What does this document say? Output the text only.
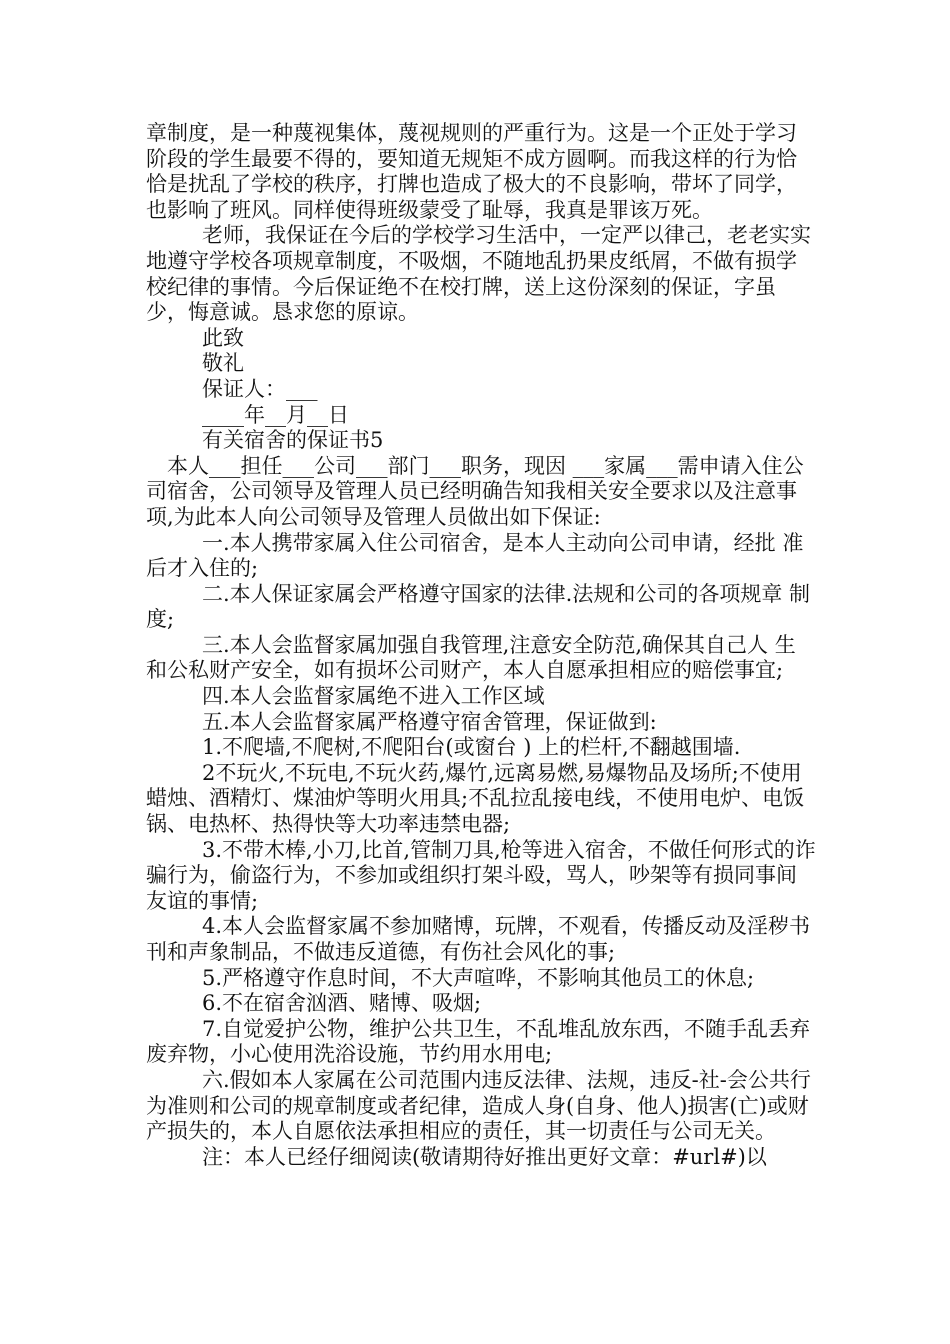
章制度，是一种蔑视集体，蔑视规则的严重行为。这是一个正处于学习阶段的学生最要不得的，要知道无规矩不成方圆啊。而我这样的行为恰恰是扰乱了学校的秩序，打牌也造成了极大的不良影响，带坏了同学，也影响了班风。同样使得班级蒙受了耻辱，我真是罪该万死。

老师，我保证在今后的学校学习生活中，一定严以律己，老老实实地遵守学校各项规章制度，不吸烟，不随地乱扔果皮纸屑，不做有损学校纪律的事情。今后保证绝不在校打牌，送上这份深刻的保证，字虽少，悔意诚。恳求您的原谅。

此致

敬礼

保证人：___

____年__月__日

有关宿舍的保证书5

　本人___担任___公司___部门___职务，现因 ___家属___需申请入住公司宿舍，公司领导及管理人员已经明确告知我相关安全要求以及注意事项,为此本人向公司领导及管理人员做出如下保证:

一.本人携带家属入住公司宿舍，是本人主动向公司申请，经批 准后才入住的;

二.本人保证家属会严格遵守国家的法律.法规和公司的各项规章 制度;

三.本人会监督家属加强自我管理,注意安全防范,确保其自己人 生和公私财产安全，如有损坏公司财产，本人自愿承担相应的赔偿事宜;

四.本人会监督家属绝不进入工作区域

五.本人会监督家属严格遵守宿舍管理，保证做到:

1.不爬墙,不爬树,不爬阳台(或窗台 ) 上的栏杆,不翻越围墙.

2不玩火,不玩电,不玩火药,爆竹,远离易燃,易爆物品及场所;不使用蜡烛、酒精灯、煤油炉等明火用具;不乱拉乱接电线，不使用电炉、电饭锅、电热杯、热得快等大功率违禁电器;

3.不带木棒,小刀,比首,管制刀具,枪等进入宿舍，不做任何形式的诈骗行为，偷盗行为，不参加或组织打架斗殴，骂人，吵架等有损同事间友谊的事情;

4.本人会监督家属不参加赌博，玩牌，不观看，传播反动及淫秽书刊和声象制品，不做违反道德，有伤社会风化的事;

5.严格遵守作息时间，不大声喧哗，不影响其他员工的休息;

6.不在宿舍汹酒、赌博、吸烟;

7.自觉爱护公物，维护公共卫生，不乱堆乱放东西，不随手乱丢弃废弃物，小心使用洗浴设施，节约用水用电;

六.假如本人家属在公司范围内违反法律、法规，违反-社-会公共行为准则和公司的规章制度或者纪律，造成人身(自身、他人)损害(亡)或财产损失的，本人自愿依法承担相应的责任，其一切责任与公司无关。

注：本人已经仔细阅读(敬请期待好推出更好文章：#url#)以
